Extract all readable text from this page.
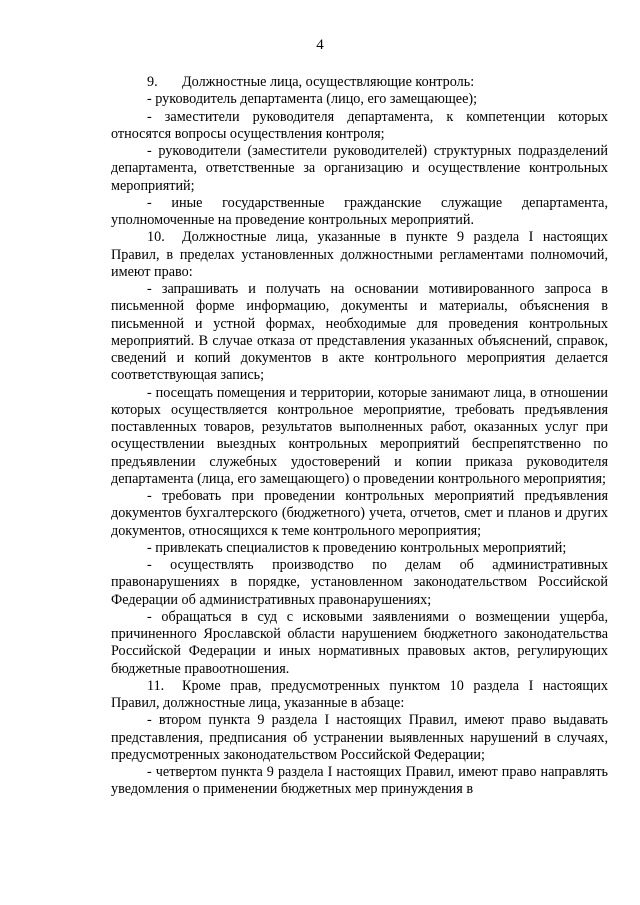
4

9. Должностные лица, осуществляющие контроль:

- руководитель департамента (лицо, его замещающее);

- заместители руководителя департамента, к компетенции которых относятся вопросы осуществления контроля;

- руководители (заместители руководителей) структурных подразделений департамента, ответственные за организацию и осуществление контрольных мероприятий;

- иные государственные гражданские служащие департамента, уполномоченные на проведение контрольных мероприятий.

10. Должностные лица, указанные в пункте 9 раздела I настоящих Правил, в пределах установленных должностными регламентами полномочий, имеют право:

- запрашивать и получать на основании мотивированного запроса в письменной форме информацию, документы и материалы, объяснения в письменной и устной формах, необходимые для проведения контрольных мероприятий. В случае отказа от представления указанных объяснений, справок, сведений и копий документов в акте контрольного мероприятия делается соответствующая запись;

- посещать помещения и территории, которые занимают лица, в отношении которых осуществляется контрольное мероприятие, требовать предъявления поставленных товаров, результатов выполненных работ, оказанных услуг при осуществлении выездных контрольных мероприятий беспрепятственно по предъявлении служебных удостоверений и копии приказа руководителя департамента (лица, его замещающего) о проведении контрольного мероприятия;

- требовать при проведении контрольных мероприятий предъявления документов бухгалтерского (бюджетного) учета, отчетов, смет и планов и других документов, относящихся к теме контрольного мероприятия;

- привлекать специалистов к проведению контрольных мероприятий;

- осуществлять производство по делам об административных правонарушениях в порядке, установленном законодательством Российской Федерации об административных правонарушениях;

- обращаться в суд с исковыми заявлениями о возмещении ущерба, причиненного Ярославской области нарушением бюджетного законодательства Российской Федерации и иных нормативных правовых актов, регулирующих бюджетные правоотношения.

11. Кроме прав, предусмотренных пунктом 10 раздела I настоящих Правил, должностные лица, указанные в абзаце:

- втором пункта 9 раздела I настоящих Правил, имеют право выдавать представления, предписания об устранении выявленных нарушений в случаях, предусмотренных законодательством Российской Федерации;

- четвертом пункта 9 раздела I настоящих Правил, имеют право направлять уведомления о применении бюджетных мер принуждения в
